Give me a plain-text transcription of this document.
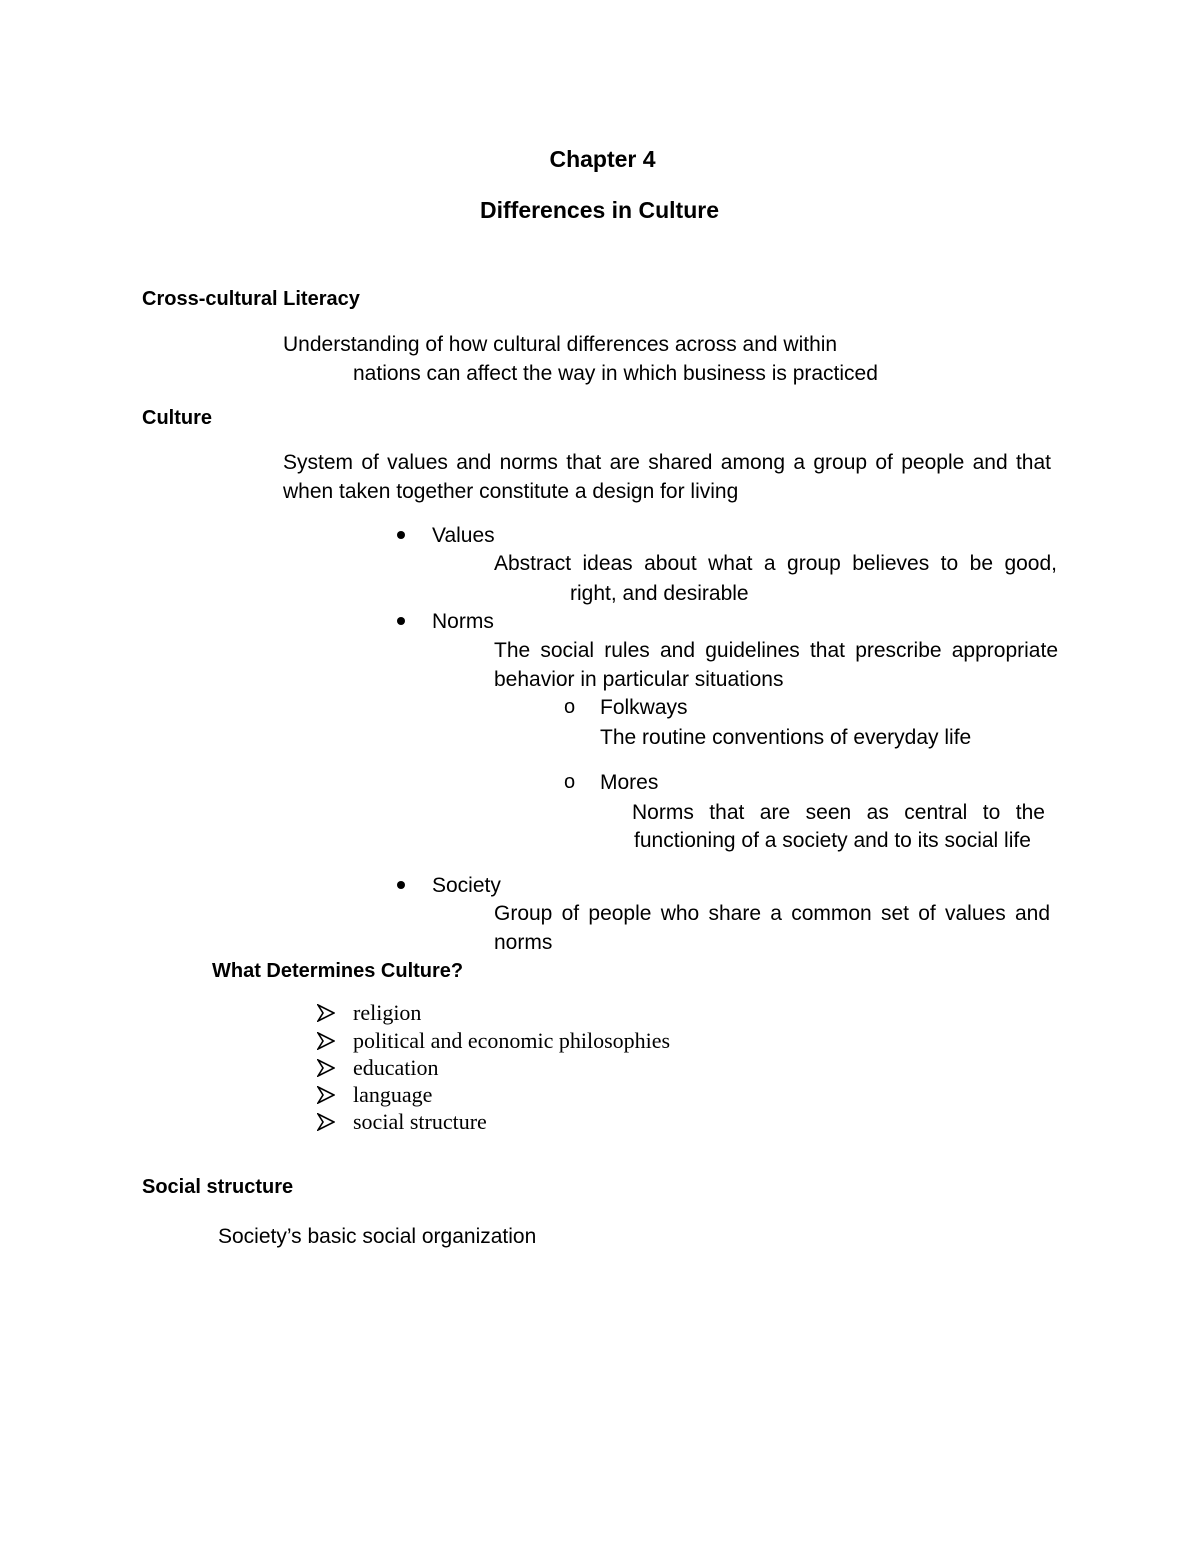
Chapter 4
Differences in Culture
Cross-cultural Literacy
Understanding of how cultural differences across and within
nations can affect the way in which business is practiced
Culture
System of values and norms that are shared among a group of people and that
when taken together constitute a design for living
Values
Abstract ideas about what a group believes to be good,
right, and desirable
Norms
The social rules and guidelines that prescribe appropriate
behavior in particular situations
o Folkways
The routine conventions of everyday life
o Mores
Norms that are seen as central to the
functioning of a society and to its social life
Society
Group of people who share a common set of values and
norms
What Determines Culture?
religion
political and economic philosophies
education
language
social structure
Social structure
Society’s basic social organization
